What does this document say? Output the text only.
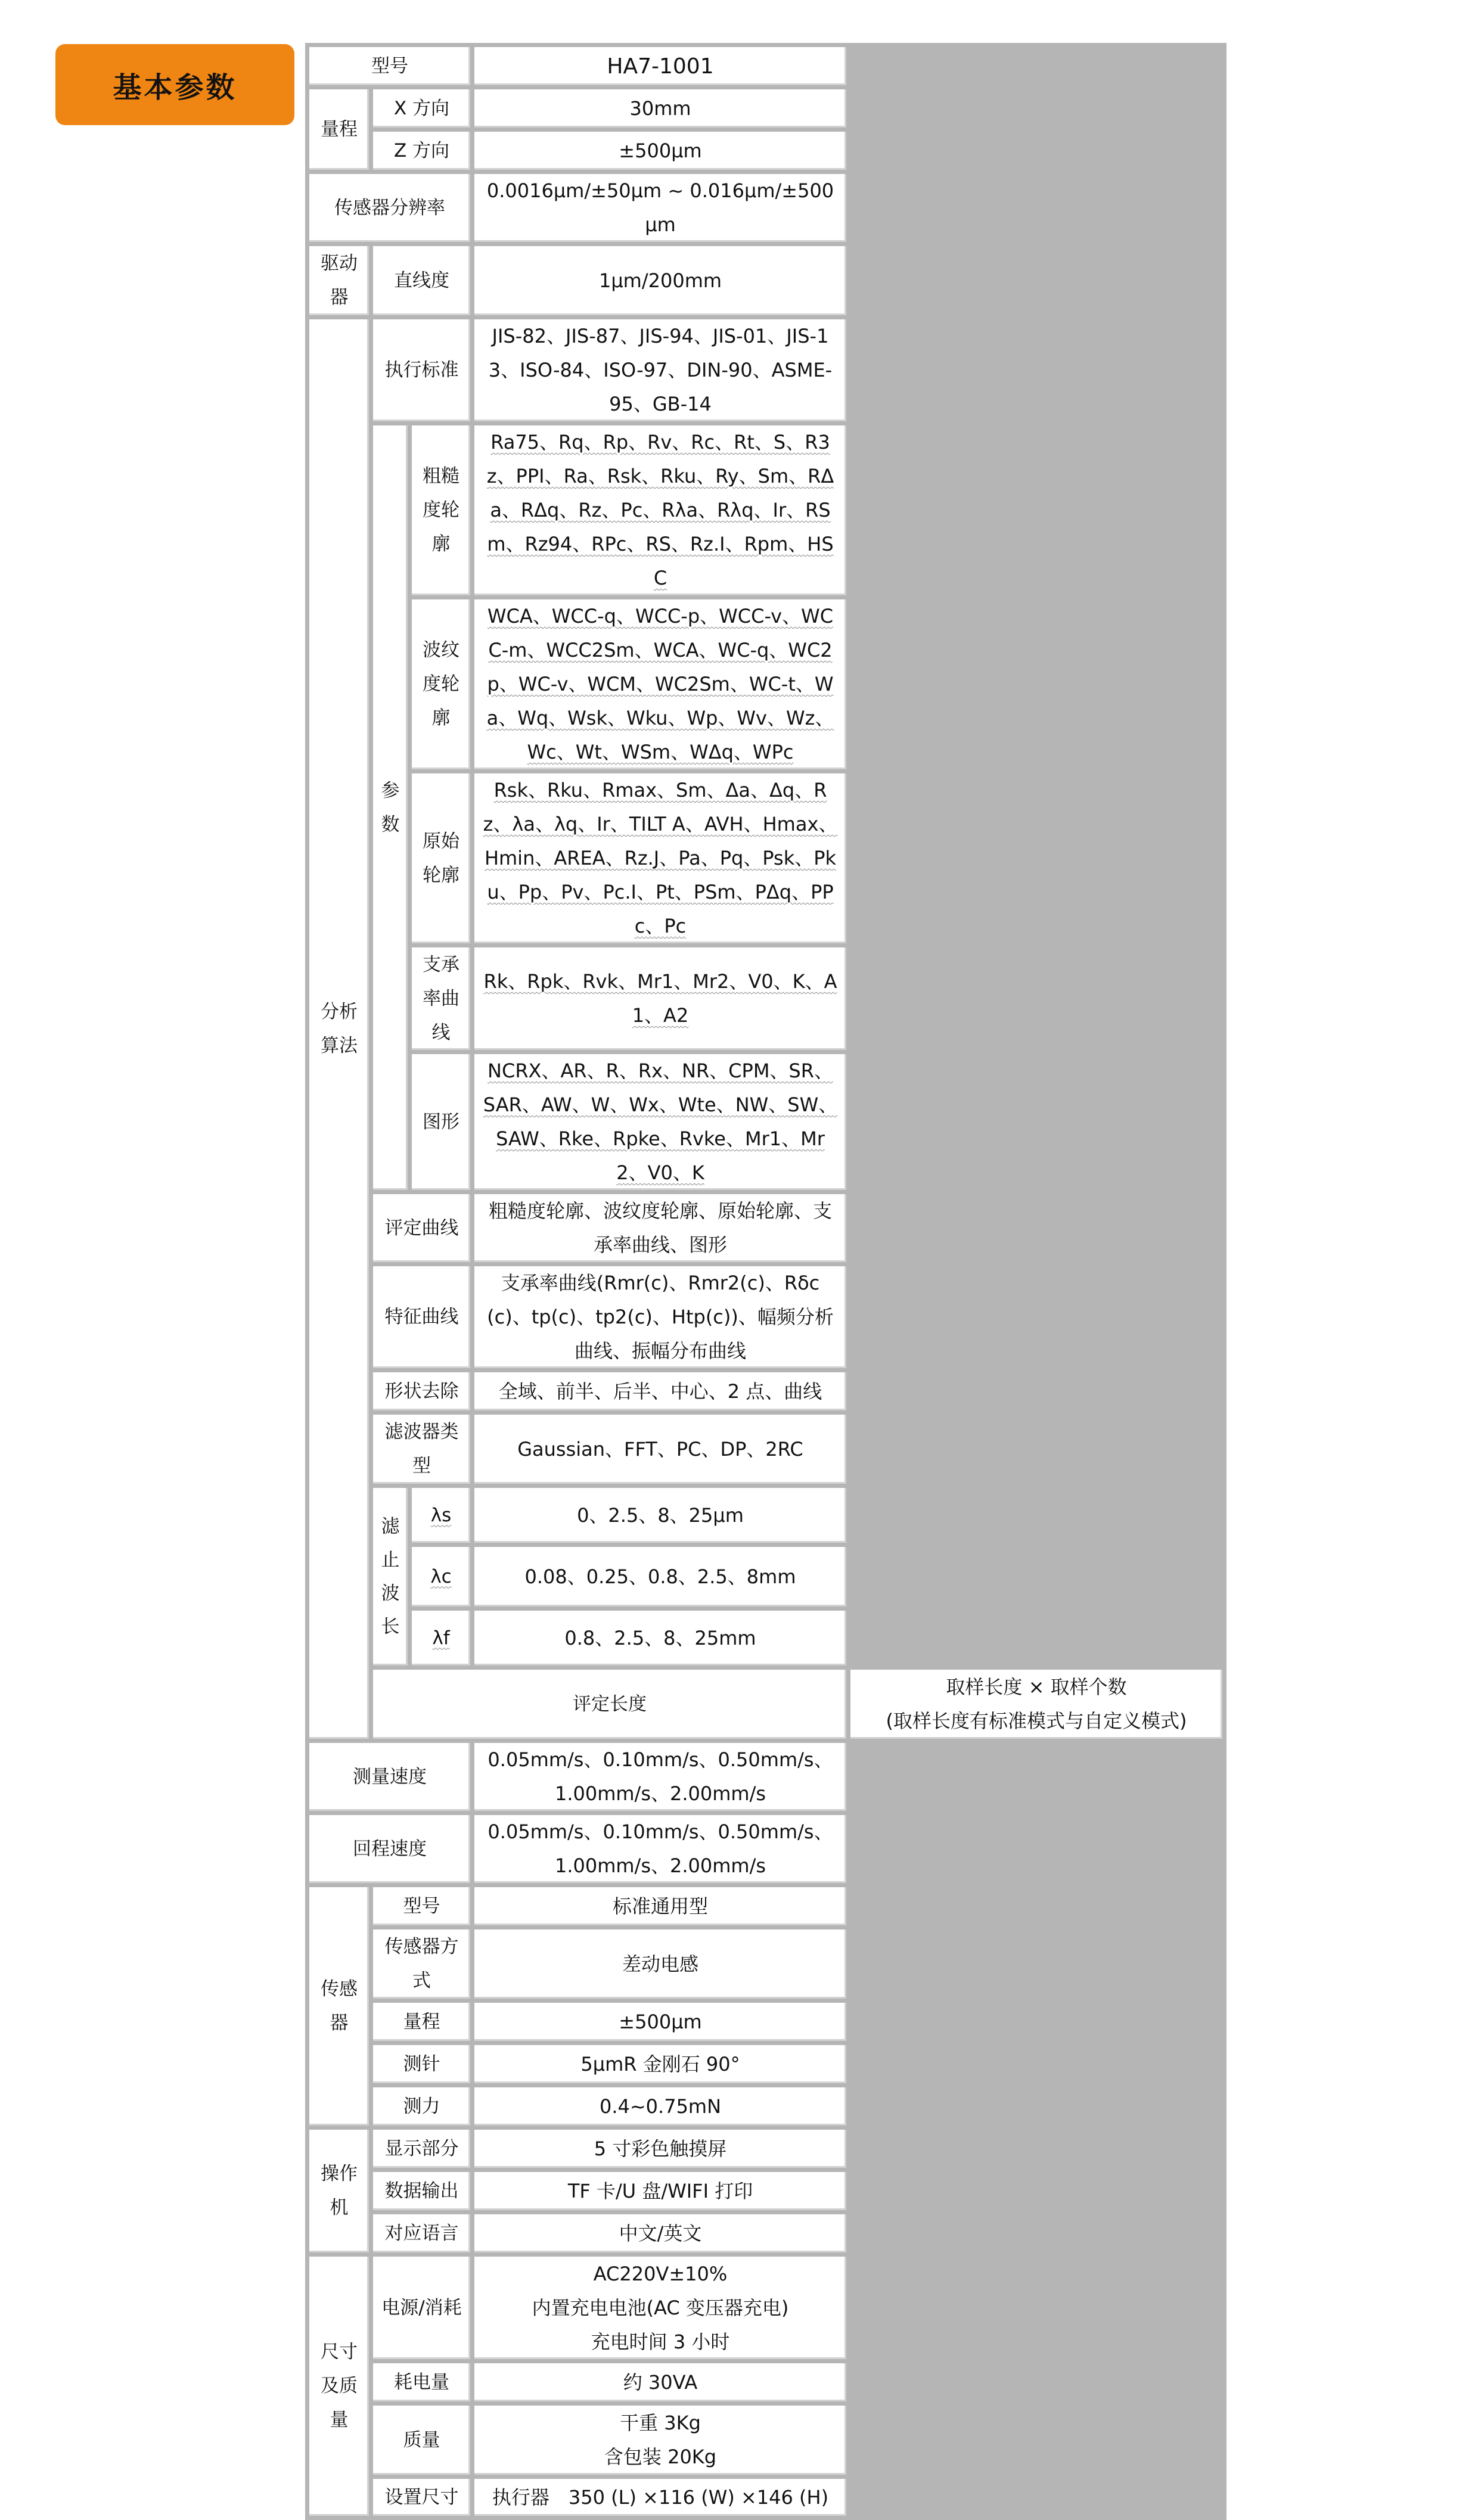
基本参数
型号			HA7-1001	
量程	X 方向		30mm	
	Z 方向		±500μm	
传感器分辨率			0.0016μm/±50μm ~ 0.016μm/±500μm	
驱动器	直线度		1μm/200mm	
分析算法	执行标准		JIS-82、JIS-87、JIS-94、JIS-01、JIS-13、ISO-84、ISO-97、DIN-90、ASME-95、GB-14	
	参数	粗糙度轮廓	Ra75、Rq、Rp、Rv、Rc、Rt、S、R3z、PPI、Ra、Rsk、Rku、Ry、Sm、RΔa、RΔq、Rz、Pc、Rλa、Rλq、Ir、RSm、Rz94、RPc、RS、Rz.I、Rpm、HSC	
		波纹度轮廓	WCA、WCC-q、WCC-p、WCC-v、WCC-m、WCC2Sm、WCA、WC-q、WC2p、WC-v、WCM、WC2Sm、WC-t、Wa、Wq、Wsk、Wku、Wp、Wv、Wz、Wc、Wt、WSm、WΔq、WPc	
		原始轮廓	Rsk、Rku、Rmax、Sm、Δa、Δq、Rz、λa、λq、Ir、TILT A、AVH、Hmax、Hmin、AREA、Rz.J、Pa、Pq、Psk、Pku、Pp、Pv、Pc.I、Pt、PSm、PΔq、PPc、Pc	
		支承率曲线	Rk、Rpk、Rvk、Mr1、Mr2、V0、K、A1、A2	
		图形	NCRX、AR、R、Rx、NR、CPM、SR、SAR、AW、W、Wx、Wte、NW、SW、SAW、Rke、Rpke、Rvke、Mr1、Mr2、V0、K	
	评定曲线		粗糙度轮廓、波纹度轮廓、原始轮廓、支承率曲线、图形	
	特征曲线		支承率曲线(Rmr(c)、Rmr2(c)、Rδc(c)、tp(c)、tp2(c)、Htp(c))、幅频分析曲线、振幅分布曲线	
	形状去除		全域、前半、后半、中心、2 点、曲线	
	滤波器类型		Gaussian、FFT、PC、DP、2RC	
	滤止波长	λs	0、2.5、8、25μm	
		λc	0.08、0.25、0.8、2.5、8mm	
		λf	0.8、2.5、8、25mm	
	评定长度			取样长度 × 取样个数
(取样长度有标准模式与自定义模式)

测量速度			0.05mm/s、0.10mm/s、0.50mm/s、1.00mm/s、2.00mm/s	
回程速度			0.05mm/s、0.10mm/s、0.50mm/s、1.00mm/s、2.00mm/s	
传感器	型号		标准通用型	
	传感器方式		差动电感	
	量程		±500μm	
	测针		5μmR 金刚石 90°	
	测力		0.4~0.75mN	
操作机	显示部分		5 寸彩色触摸屏	
	数据输出		TF 卡/U 盘/WIFI 打印	
	对应语言		中文/英文	
尺寸及质量	电源/消耗		AC220V±10%
内置充电电池(AC 变压器充电)
充电时间 3 小时	

	耗电量		约 30VA	
	质量		干重 3Kg
含包装 20Kg	

	设置尺寸		执行器　350 (L) ×116 (W) ×146 (H)	
